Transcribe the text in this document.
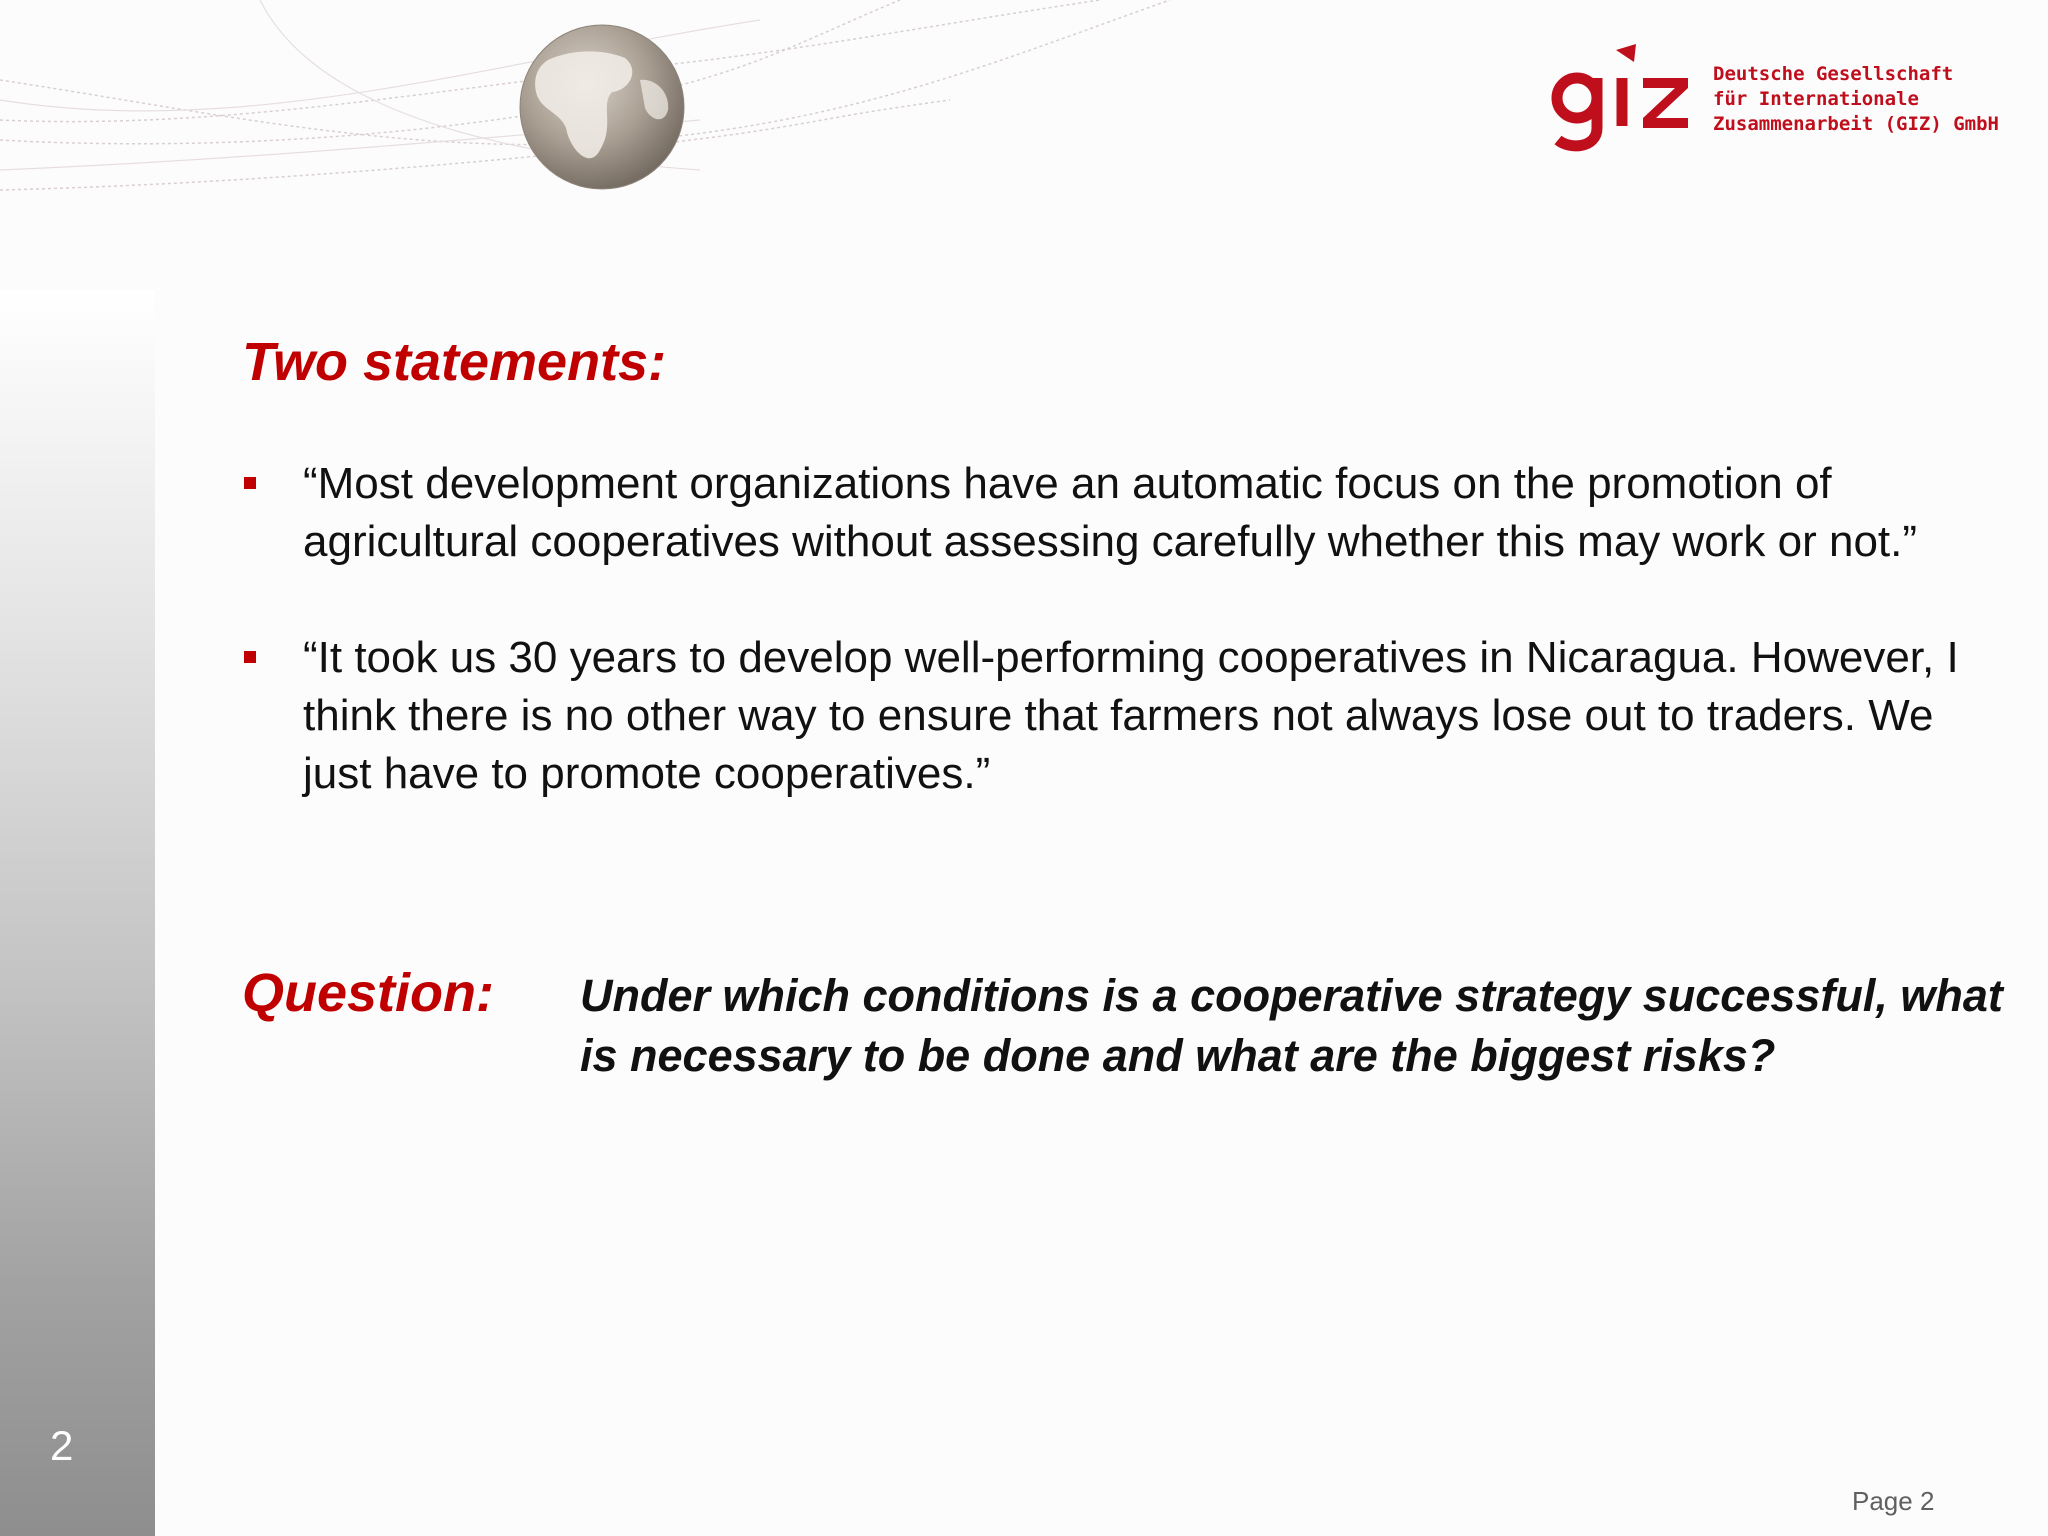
Deutsche Gesellschaft
für Internationale
Zusammenarbeit (GIZ) GmbH
2
Two statements:
“Most development organizations have an automatic focus on the promotion of agricultural cooperatives without assessing carefully whether this may work or not.”
“It took us 30 years to develop well-performing cooperatives in Nicaragua. However, I think there is no other way to ensure that farmers not always lose out to traders. We just have to promote cooperatives.”
Question: Under which conditions is a cooperative strategy successful, what is necessary to be done and what are the biggest risks?

Page 2
